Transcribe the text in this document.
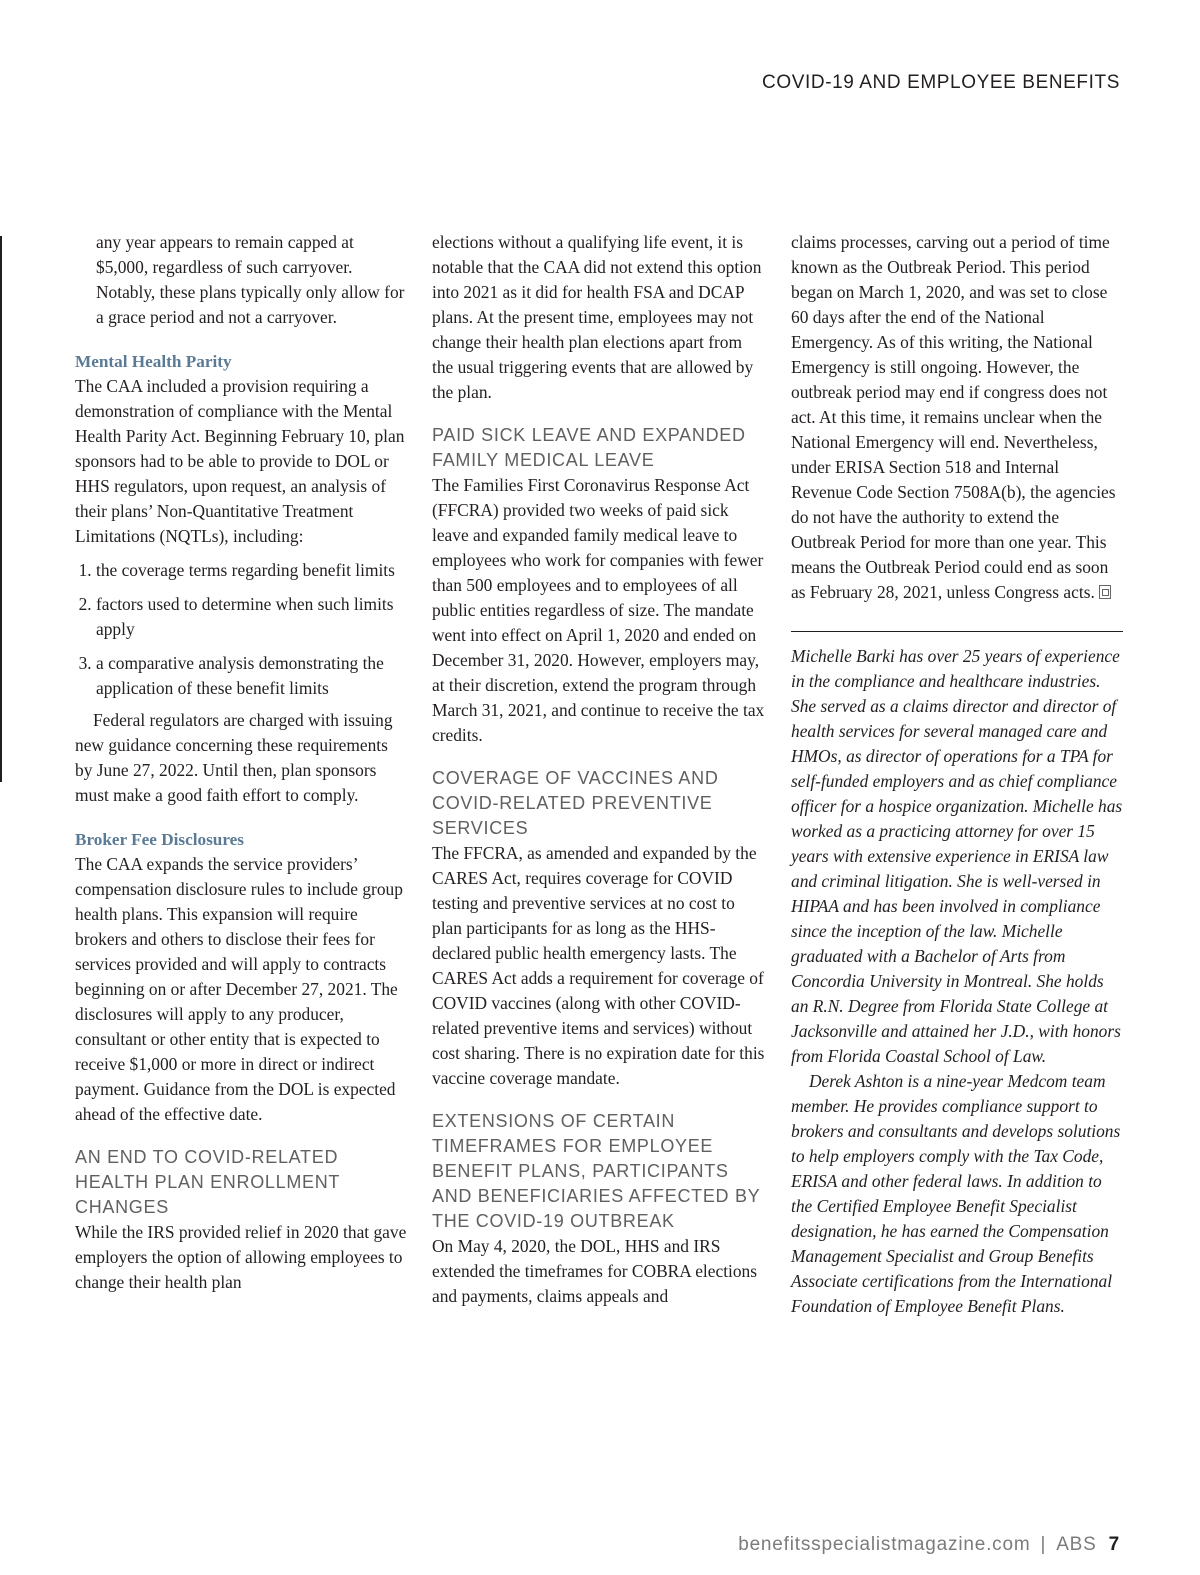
COVID-19 AND EMPLOYEE BENEFITS

any year appears to remain capped at $5,000, regardless of such carryover. Notably, these plans typically only allow for a grace period and not a carryover.

Mental Health Parity

The CAA included a provision requiring a demonstration of compliance with the Mental Health Parity Act. Beginning February 10, plan sponsors had to be able to provide to DOL or HHS regulators, upon request, an analysis of their plans’ Non-Quantitative Treatment Limitations (NQTLs), including:

1. the coverage terms regarding benefit limits
2. factors used to determine when such limits apply
3. a comparative analysis demonstrating the application of these benefit limits

Federal regulators are charged with issuing new guidance concerning these requirements by June 27, 2022. Until then, plan sponsors must make a good faith effort to comply.

Broker Fee Disclosures

The CAA expands the service providers’ compensation disclosure rules to include group health plans. This expansion will require brokers and others to disclose their fees for services provided and will apply to contracts beginning on or after December 27, 2021. The disclosures will apply to any producer, consultant or other entity that is expected to receive $1,000 or more in direct or indirect payment. Guidance from the DOL is expected ahead of the effective date.

AN END TO COVID-RELATED HEALTH PLAN ENROLLMENT CHANGES

While the IRS provided relief in 2020 that gave employers the option of allowing employees to change their health plan

elections without a qualifying life event, it is notable that the CAA did not extend this option into 2021 as it did for health FSA and DCAP plans. At the present time, employees may not change their health plan elections apart from the usual triggering events that are allowed by the plan.

PAID SICK LEAVE AND EXPANDED FAMILY MEDICAL LEAVE

The Families First Coronavirus Response Act (FFCRA) provided two weeks of paid sick leave and expanded family medical leave to employees who work for companies with fewer than 500 employees and to employees of all public entities regardless of size. The mandate went into effect on April 1, 2020 and ended on December 31, 2020. However, employers may, at their discretion, extend the program through March 31, 2021, and continue to receive the tax credits.

COVERAGE OF VACCINES AND COVID-RELATED PREVENTIVE SERVICES

The FFCRA, as amended and expanded by the CARES Act, requires coverage for COVID testing and preventive services at no cost to plan participants for as long as the HHS-declared public health emergency lasts. The CARES Act adds a requirement for coverage of COVID vaccines (along with other COVID-related preventive items and services) without cost sharing. There is no expiration date for this vaccine coverage mandate.

EXTENSIONS OF CERTAIN TIMEFRAMES FOR EMPLOYEE BENEFIT PLANS, PARTICIPANTS AND BENEFICIARIES AFFECTED BY THE COVID-19 OUTBREAK

On May 4, 2020, the DOL, HHS and IRS extended the timeframes for COBRA elections and payments, claims appeals and

claims processes, carving out a period of time known as the Outbreak Period. This period began on March 1, 2020, and was set to close 60 days after the end of the National Emergency. As of this writing, the National Emergency is still ongoing. However, the outbreak period may end if congress does not act. At this time, it remains unclear when the National Emergency will end. Nevertheless, under ERISA Section 518 and Internal Revenue Code Section 7508A(b), the agencies do not have the authority to extend the Outbreak Period for more than one year. This means the Outbreak Period could end as soon as February 28, 2021, unless Congress acts.

Michelle Barki has over 25 years of experience in the compliance and healthcare industries. She served as a claims director and director of health services for several managed care and HMOs, as director of operations for a TPA for self-funded employers and as chief compliance officer for a hospice organization. Michelle has worked as a practicing attorney for over 15 years with extensive experience in ERISA law and criminal litigation. She is well-versed in HIPAA and has been involved in compliance since the inception of the law. Michelle graduated with a Bachelor of Arts from Concordia University in Montreal. She holds an R.N. Degree from Florida State College at Jacksonville and attained her J.D., with honors from Florida Coastal School of Law.

Derek Ashton is a nine-year Medcom team member. He provides compliance support to brokers and consultants and develops solutions to help employers comply with the Tax Code, ERISA and other federal laws. In addition to the Certified Employee Benefit Specialist designation, he has earned the Compensation Management Specialist and Group Benefits Associate certifications from the International Foundation of Employee Benefit Plans.

benefitsspecialistmagazine.com | ABS 7
